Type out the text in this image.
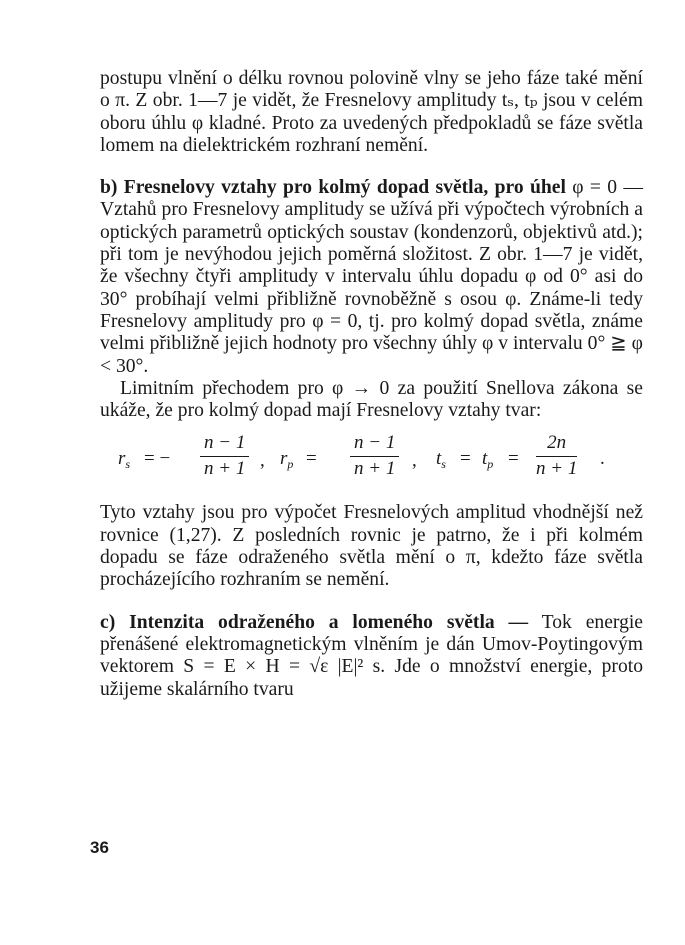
postupu vlnění o délku rovnou polovině vlny se jeho fáze také mění o π. Z obr. 1—7 je vidět, že Fresnelovy amplitudy tₛ, tₚ jsou v celém oboru úhlu φ kladné. Proto za uvedených předpokladů se fáze světla lomem na dielektrickém rozhraní nemění.

b) Fresnelovy vztahy pro kolmý dopad světla, pro úhel φ = 0 — Vztahů pro Fresnelovy amplitudy se užívá při výpočtech výrobních a optických parametrů optických soustav (kondenzorů, objektivů atd.); při tom je nevýhodou jejich poměrná složitost. Z obr. 1—7 je vidět, že všechny čtyři amplitudy v intervalu úhlu dopadu φ od 0° asi do 30° probíhají velmi přibližně rovnoběžně s osou φ. Známe-li tedy Fresnelovy amplitudy pro φ = 0, tj. pro kolmý dopad světla, známe velmi přibližně jejich hodnoty pro všechny úhly φ v intervalu 0° ≧ φ < 30°.

Limitním přechodem pro φ → 0 za použití Snellova zákona se ukáže, že pro kolmý dopad mají Fresnelovy vztahy tvar:

$r_s$ = − $\frac{n - 1}{n + 1}$ , $r_p = \frac{n - 1}{n + 1}$ , $t_s = t_p = \frac{2n}{n + 1}$ .

Tyto vztahy jsou pro výpočet Fresnelových amplitud vhodnější než rovnice (1,27). Z posledních rovnic je patrno, že i při kolmém dopadu se fáze odraženého světla mění o π, kdežto fáze světla procházejícího rozhraním se nemění.

c) Intenzita odraženého a lomeného světla — Tok energie přenášené elektromagnetickým vlněním je dán Umov-Poytingovým vektorem S = E × H = √ε |E|² s. Jde o množství energie, proto užijeme skalárního tvaru

36
